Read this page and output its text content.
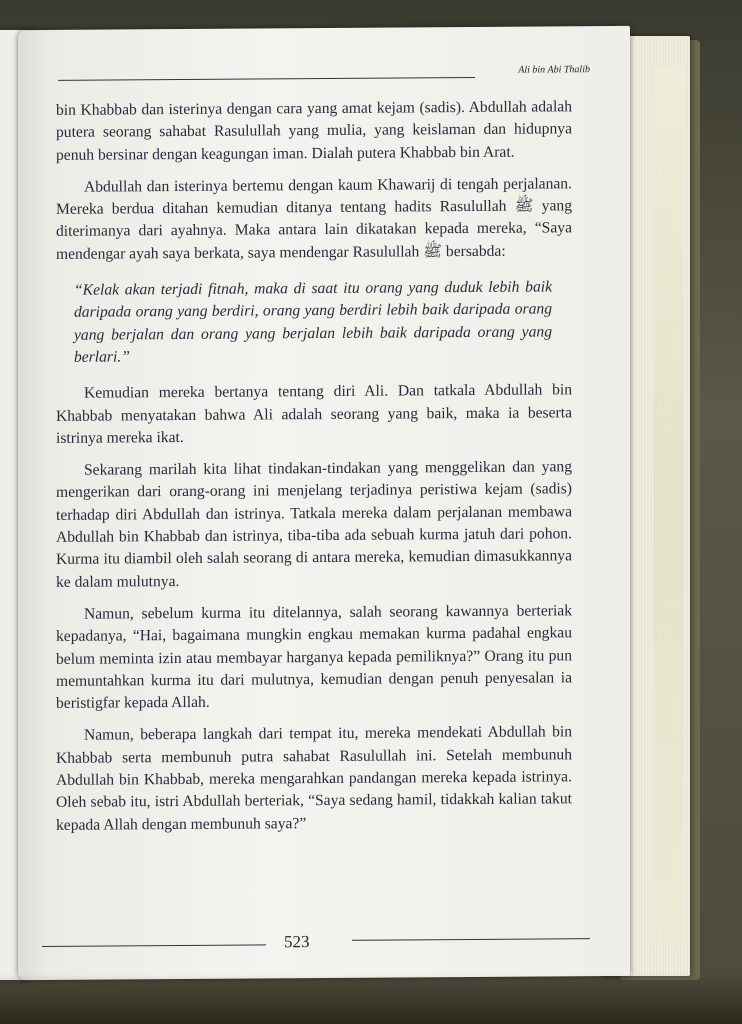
Ali bin Abi Thalib

bin Khabbab dan isterinya dengan cara yang amat kejam (sadis). Abdullah adalah putera seorang sahabat Rasulullah yang mulia, yang keislaman dan hidupnya penuh bersinar dengan keagungan iman. Dialah putera Khabbab bin Arat.

Abdullah dan isterinya bertemu dengan kaum Khawarij di tengah perjalanan. Mereka berdua ditahan kemudian ditanya tentang hadits Rasulullah ﷺ yang diterimanya dari ayahnya. Maka antara lain dikatakan kepada mereka, “Saya mendengar ayah saya berkata, saya mendengar Rasulullah ﷺ bersabda:

“Kelak akan terjadi fitnah, maka di saat itu orang yang duduk lebih baik daripada orang yang berdiri, orang yang berdiri lebih baik daripada orang yang berjalan dan orang yang berjalan lebih baik daripada orang yang berlari.”

Kemudian mereka bertanya tentang diri Ali. Dan tatkala Abdullah bin Khabbab menyatakan bahwa Ali adalah seorang yang baik, maka ia beserta istrinya mereka ikat.

Sekarang marilah kita lihat tindakan-tindakan yang menggelikan dan yang mengerikan dari orang-orang ini menjelang terjadinya peristiwa kejam (sadis) terhadap diri Abdullah dan istrinya. Tatkala mereka dalam perjalanan membawa Abdullah bin Khabbab dan istrinya, tiba-tiba ada sebuah kurma jatuh dari pohon. Kurma itu diambil oleh salah seorang di antara mereka, kemudian dimasukkannya ke dalam mulutnya.

Namun, sebelum kurma itu ditelannya, salah seorang kawannya berteriak kepadanya, “Hai, bagaimana mungkin engkau memakan kurma padahal engkau belum meminta izin atau membayar harganya kepada pemiliknya?” Orang itu pun memuntahkan kurma itu dari mulutnya, kemudian dengan penuh penyesalan ia beristigfar kepada Allah.

Namun, beberapa langkah dari tempat itu, mereka mendekati Abdullah bin Khabbab serta membunuh putra sahabat Rasulullah ini. Setelah membunuh Abdullah bin Khabbab, mereka mengarahkan pandangan mereka kepada istrinya. Oleh sebab itu, istri Abdullah berteriak, “Saya sedang hamil, tidakkah kalian takut kepada Allah dengan membunuh saya?”

523
